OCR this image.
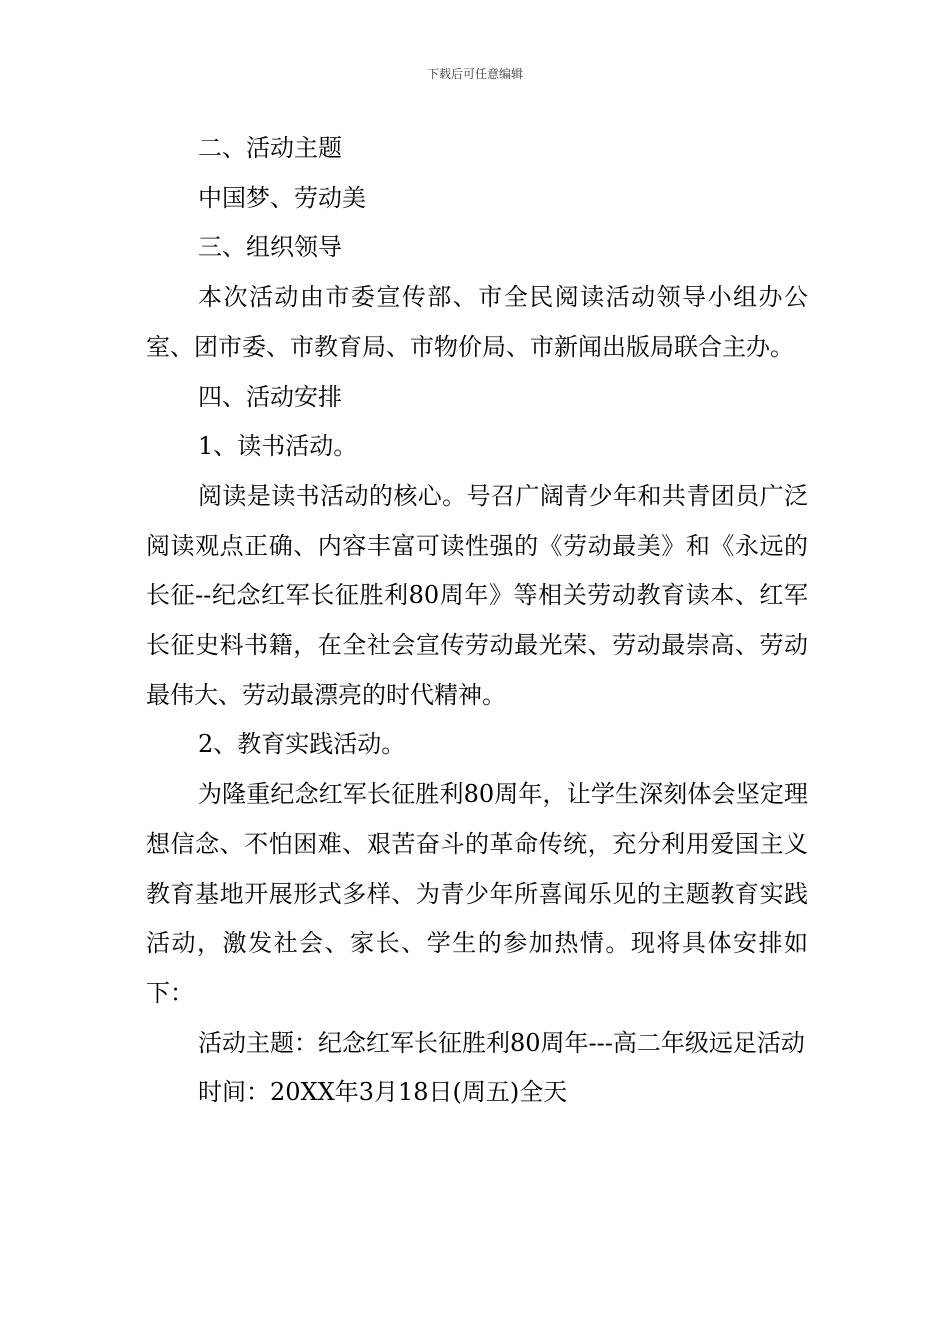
下载后可任意编辑

二、活动主题

中国梦、劳动美

三、组织领导

本次活动由市委宣传部、市全民阅读活动领导小组办公室、团市委、市教育局、市物价局、市新闻出版局联合主办。

四、活动安排

1、读书活动。

阅读是读书活动的核心。号召广阔青少年和共青团员广泛阅读观点正确、内容丰富可读性强的《劳动最美》和《永远的长征--纪念红军长征胜利80周年》等相关劳动教育读本、红军长征史料书籍，在全社会宣传劳动最光荣、劳动最崇高、劳动最伟大、劳动最漂亮的时代精神。

2、教育实践活动。

为隆重纪念红军长征胜利80周年，让学生深刻体会坚定理想信念、不怕困难、艰苦奋斗的革命传统，充分利用爱国主义教育基地开展形式多样、为青少年所喜闻乐见的主题教育实践活动，激发社会、家长、学生的参加热情。现将具体安排如下：

活动主题：纪念红军长征胜利80周年---高二年级远足活动

时间：20XX年3月18日(周五)全天
